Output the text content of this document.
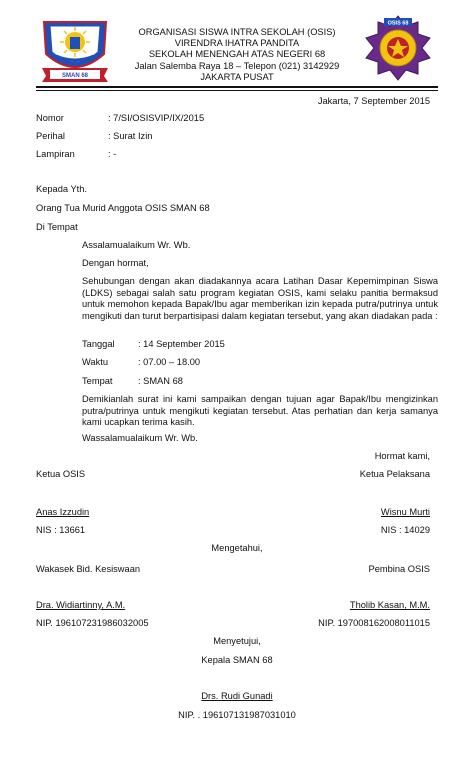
SMAN 68
OSIS 68
ORGANISASI SISWA INTRA SEKOLAH (OSIS)
VIRENDRA IHATRA PANDITA
SEKOLAH MENENGAH ATAS NEGERI 68
Jalan Salemba Raya 18 – Telepon (021) 3142929
JAKARTA PUSAT
Jakarta, 7 September 2015
Nomor	: 7/SI/OSISVIP/IX/2015
Perihal	: Surat Izin
Lampiran	: -
Kepada Yth.
Orang Tua Murid Anggota OSIS SMAN 68
Di Tempat
Assalamualaikum Wr. Wb.
Dengan hormat,
Sehubungan dengan akan diadakannya acara Latihan Dasar Kepemimpinan Siswa (LDKS) sebagai salah satu program kegiatan OSIS, kami selaku panitia bermaksud untuk memohon kepada Bapak/Ibu agar memberikan izin kepada putra/putrinya untuk mengikuti dan turut berpartisipasi dalam kegiatan tersebut, yang akan diadakan pada :
Tanggal	: 14 September 2015
Waktu	: 07.00 – 18.00
Tempat	: SMAN 68
Demikianlah surat ini kami sampaikan dengan tujuan agar Bapak/Ibu mengizinkan putra/putrinya untuk mengikuti kegiatan tersebut. Atas perhatian dan kerja samanya kami ucapkan terima kasih.
Wassalamualaikum Wr. Wb.
Hormat kami,
Ketua OSIS	Ketua Pelaksana
Anas Izzudin	Wisnu Murti
NIS : 13661	NIS : 14029
Mengetahui,
Wakasek Bid. Kesiswaan	Pembina OSIS
Dra. Widiartinny, A.M.	Tholib Kasan, M.M.
NIP. 196107231986032005	NIP. 197008162008011015
Menyetujui,
Kepala SMAN 68
Drs. Rudi Gunadi
NIP. . 196107131987031010
